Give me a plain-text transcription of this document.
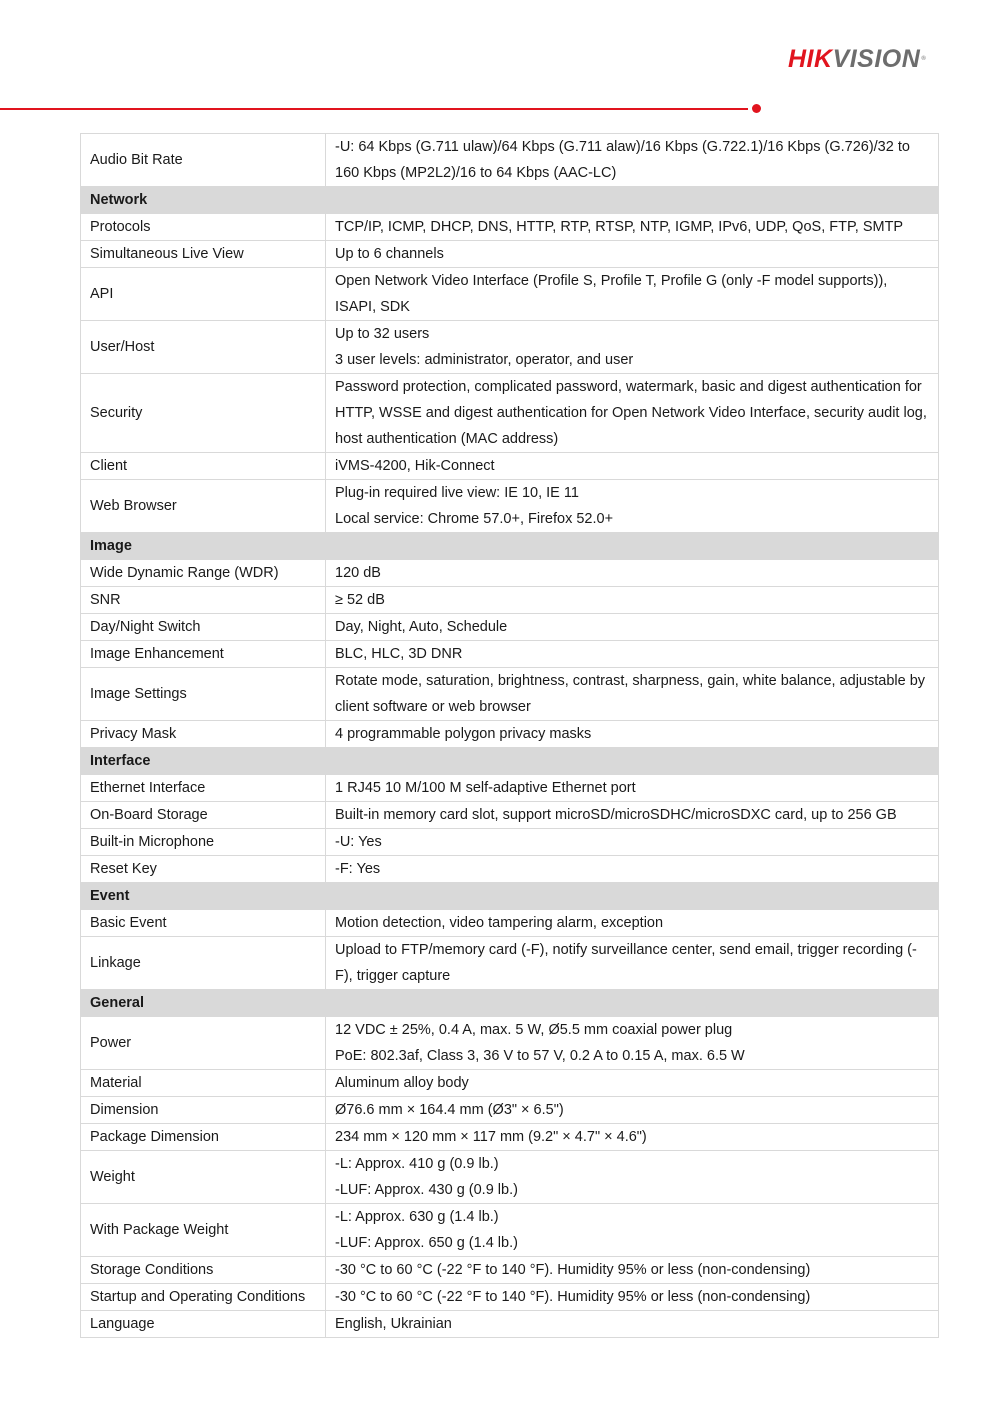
HIKVISION®
Audio Bit Rate	-U: 64 Kbps (G.711 ulaw)/64 Kbps (G.711 alaw)/16 Kbps (G.722.1)/16 Kbps (G.726)/32 to 160 Kbps (MP2L2)/16 to 64 Kbps (AAC-LC)

Network	
Protocols	TCP/IP, ICMP, DHCP, DNS, HTTP, RTP, RTSP, NTP, IGMP, IPv6, UDP, QoS, FTP, SMTP

Simultaneous Live View	Up to 6 channels

API	Open Network Video Interface (Profile S, Profile T, Profile G (only -F model supports)), ISAPI, SDK

User/Host	Up to 32 users
3 user levels: administrator, operator, and user

Security	Password protection, complicated password, watermark, basic and digest authentication for HTTP, WSSE and digest authentication for Open Network Video Interface, security audit log, host authentication (MAC address)

Client	iVMS-4200, Hik-Connect

Web Browser	Plug-in required live view: IE 10, IE 11
Local service: Chrome 57.0+, Firefox 52.0+

Image	
Wide Dynamic Range (WDR)	120 dB

SNR	≥ 52 dB

Day/Night Switch	Day, Night, Auto, Schedule

Image Enhancement	BLC, HLC, 3D DNR

Image Settings	Rotate mode, saturation, brightness, contrast, sharpness, gain, white balance, adjustable by client software or web browser

Privacy Mask	4 programmable polygon privacy masks

Interface	
Ethernet Interface	1 RJ45 10 M/100 M self-adaptive Ethernet port

On-Board Storage	Built-in memory card slot, support microSD/microSDHC/microSDXC card, up to 256 GB

Built-in Microphone	-U: Yes

Reset Key	-F: Yes

Event	
Basic Event	Motion detection, video tampering alarm, exception

Linkage	Upload to FTP/memory card (-F), notify surveillance center, send email, trigger recording (-F), trigger capture

General	
Power	12 VDC ± 25%, 0.4 A, max. 5 W, Ø5.5 mm coaxial power plug
PoE: 802.3af, Class 3, 36 V to 57 V, 0.2 A to 0.15 A, max. 6.5 W

Material	Aluminum alloy body

Dimension	Ø76.6 mm × 164.4 mm (Ø3" × 6.5")

Package Dimension	234 mm × 120 mm × 117 mm (9.2" × 4.7" × 4.6")

Weight	-L: Approx. 410 g (0.9 lb.)
-LUF: Approx. 430 g (0.9 lb.)

With Package Weight	-L: Approx. 630 g (1.4 lb.)
-LUF: Approx. 650 g (1.4 lb.)

Storage Conditions	-30 °C to 60 °C (-22 °F to 140 °F). Humidity 95% or less (non-condensing)

Startup and Operating Conditions	-30 °C to 60 °C (-22 °F to 140 °F). Humidity 95% or less (non-condensing)

Language	English, Ukrainian
